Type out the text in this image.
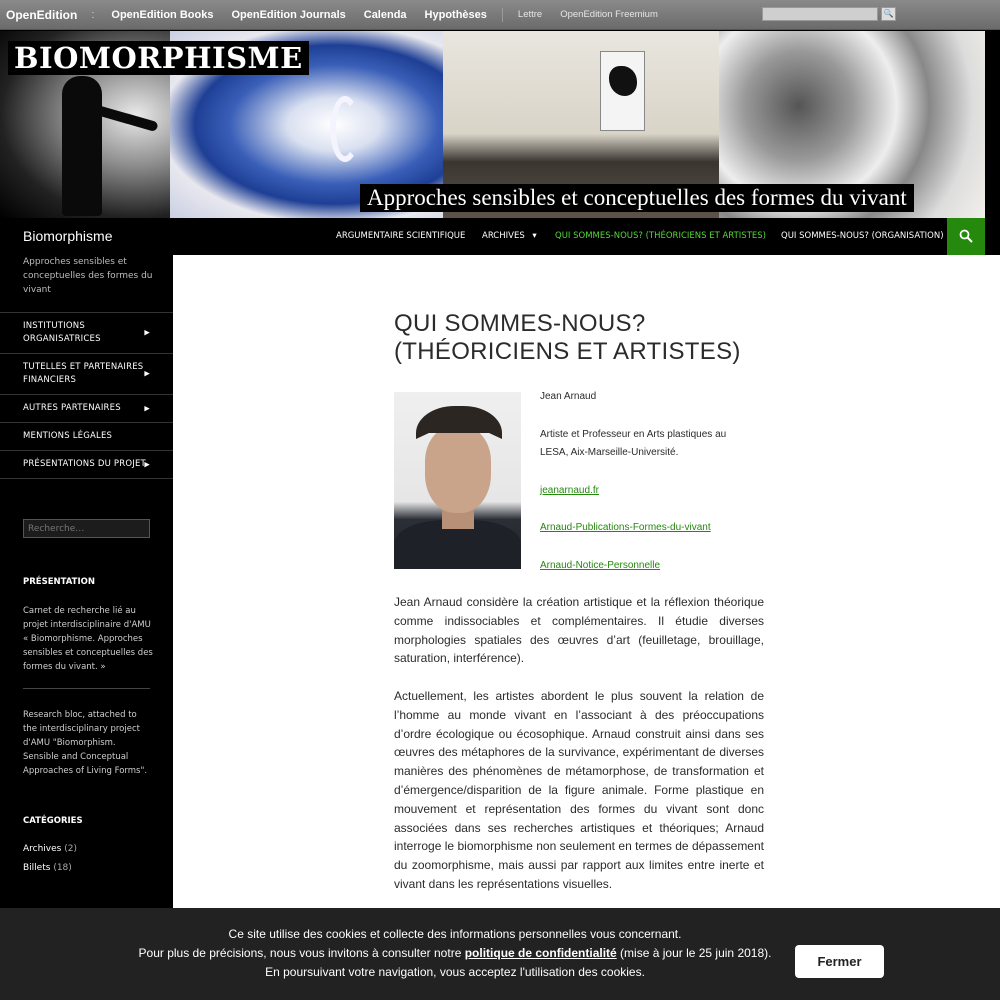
OpenEdition	:	OpenEdition Books	OpenEdition Journals	Calenda	Hypothèses	Lettre	OpenEdition Freemium	🔍
BIOMORPHISME
Approches sensibles et conceptuelles des formes du vivant
ARGUMENTAIRE SCIENTIFIQUE ARCHIVES ▾ QUI SOMMES-NOUS? (THÉORICIENS ET ARTISTES) QUI SOMMES-NOUS? (ORGANISATION)
Biomorphisme
Approches sensibles et conceptuelles des formes du vivant
INSTITUTIONS ORGANISATRICES
▶
TUTELLES ET PARTENAIRES FINANCIERS
▶
AUTRES PARTENAIRES	▶
MENTIONS LÉGALES
PRÉSENTATIONS DU PROJET
▶
Recherche…
PRÉSENTATION
Carnet de recherche lié au projet interdisciplinaire d'AMU « Biomorphisme. Approches sensibles et conceptuelles des formes du vivant. »
Research bloc, attached to the interdisciplinary project d'AMU "Biomorphism. Sensible and Conceptual Approaches of Living Forms".
CATÉGORIES
Archives (2)
Billets (18)
QUI SOMMES-NOUS? (THÉORICIENS ET ARTISTES)
Jean Arnaud
Artiste et Professeur en Arts plastiques au
LESA, Aix-Marseille-Université.
jeanarnaud.fr
Arnaud-Publications-Formes-du-vivant
Arnaud-Notice-Personnelle

Jean Arnaud considère la création artistique et la réflexion théorique comme indissociables et complémentaires. Il étudie diverses morphologies spatiales des œuvres d’art (feuilletage, brouillage, saturation, interférence).

Actuellement, les artistes abordent le plus souvent la relation de l’homme au monde vivant en l’associant à des préoccupations d’ordre écologique ou écosophique. Arnaud construit ainsi dans ses œuvres des métaphores de la survivance, expérimentant de diverses manières des phénomènes de métamorphose, de transformation et d’émergence/disparition de la figure animale. Forme plastique en mouvement et représentation des formes du vivant sont donc associées dans ses recherches artistiques et théoriques; Arnaud interroge le biomorphisme non seulement en termes de dépassement du zoomorphisme, mais aussi par rapport aux limites entre inerte et vivant dans les représentations visuelles.

Ce site utilise des cookies et collecte des informations personnelles vous concernant.
Pour plus de précisions, nous vous invitons à consulter notre politique de confidentialité (mise à jour le 25 juin 2018).
En poursuivant votre navigation, vous acceptez l'utilisation des cookies.
Fermer
